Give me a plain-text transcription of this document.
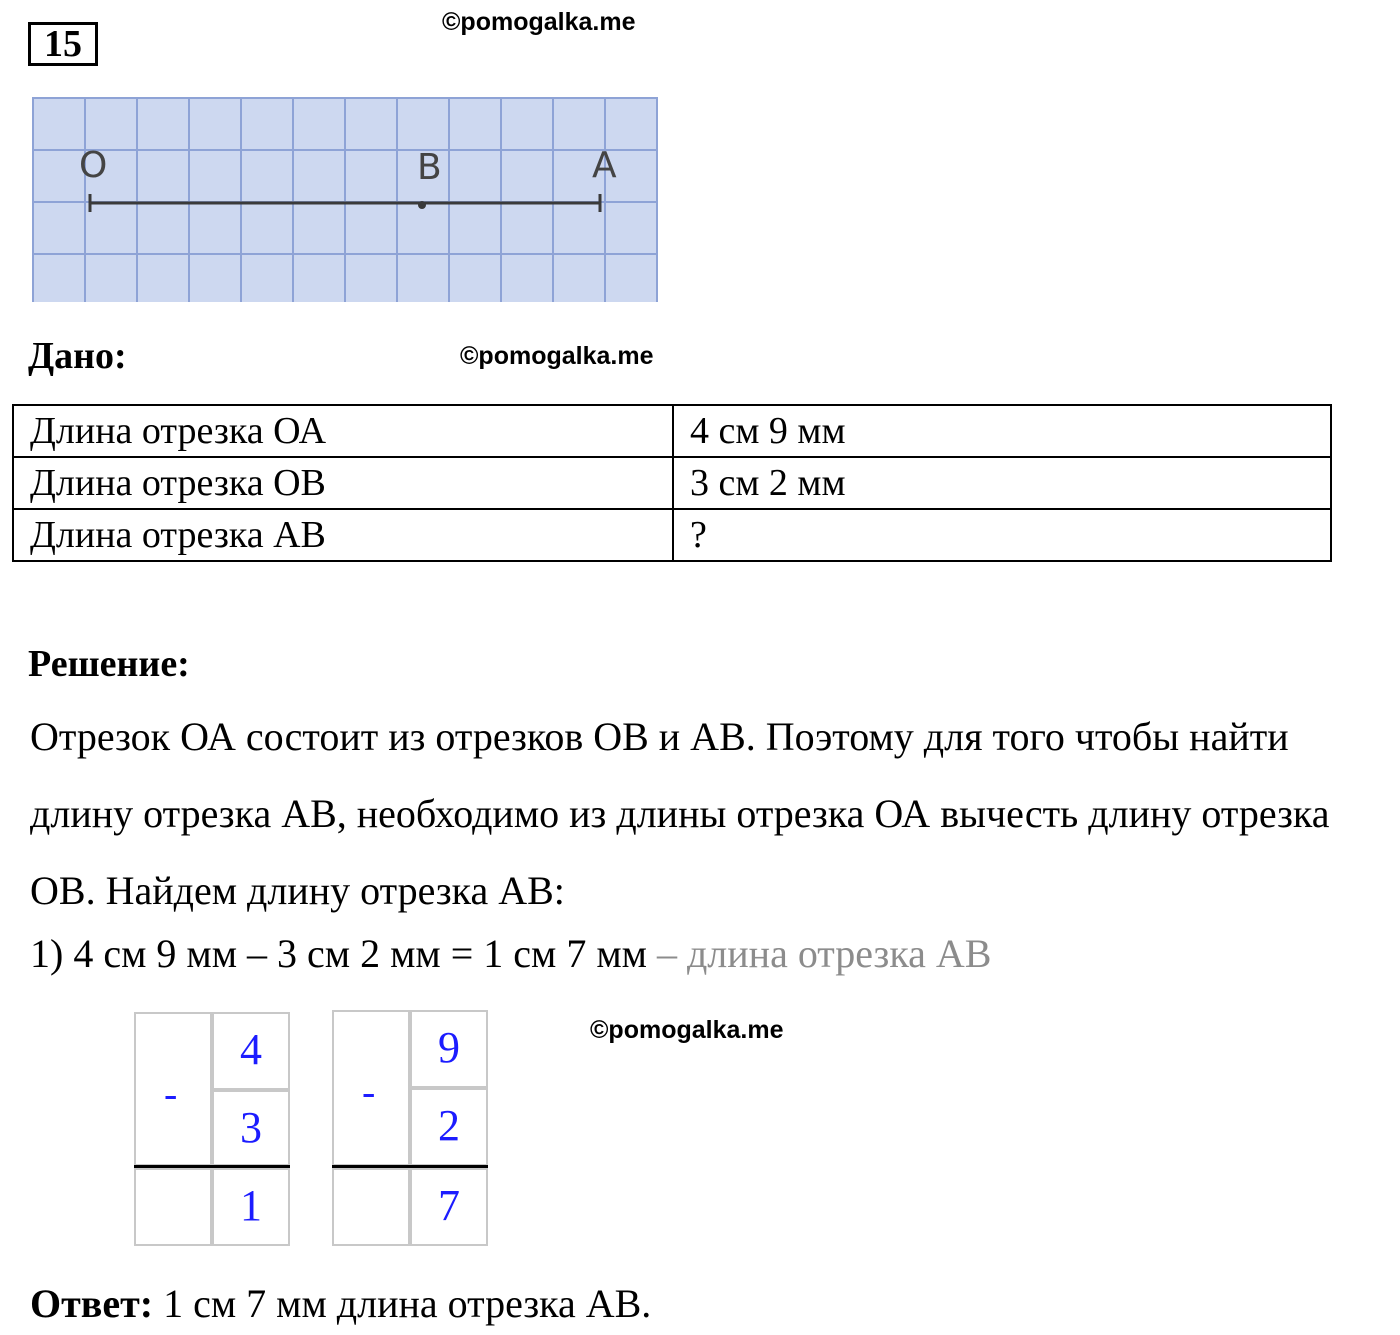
15
©pomogalka.me
O	B	A
Дано:	©pomogalka.me
Длина отрезка ОА	4 см 9 мм
Длина отрезка ОВ	3 см 2 мм
Длина отрезка АВ	?
Решение:
Отрезок ОА состоит из отрезков ОВ и АВ. Поэтому для того чтобы найти длину отрезка АВ, необходимо из длины отрезка ОА вычесть длину отрезка ОВ. Найдем длину отрезка АВ:
1) 4 см 9 мм – 3 см 2 мм = 1 см 7 мм – длина отрезка АВ
-
4
3
1
-
9
2
7
©pomogalka.me
Ответ: 1 см 7 мм длина отрезка АВ.
